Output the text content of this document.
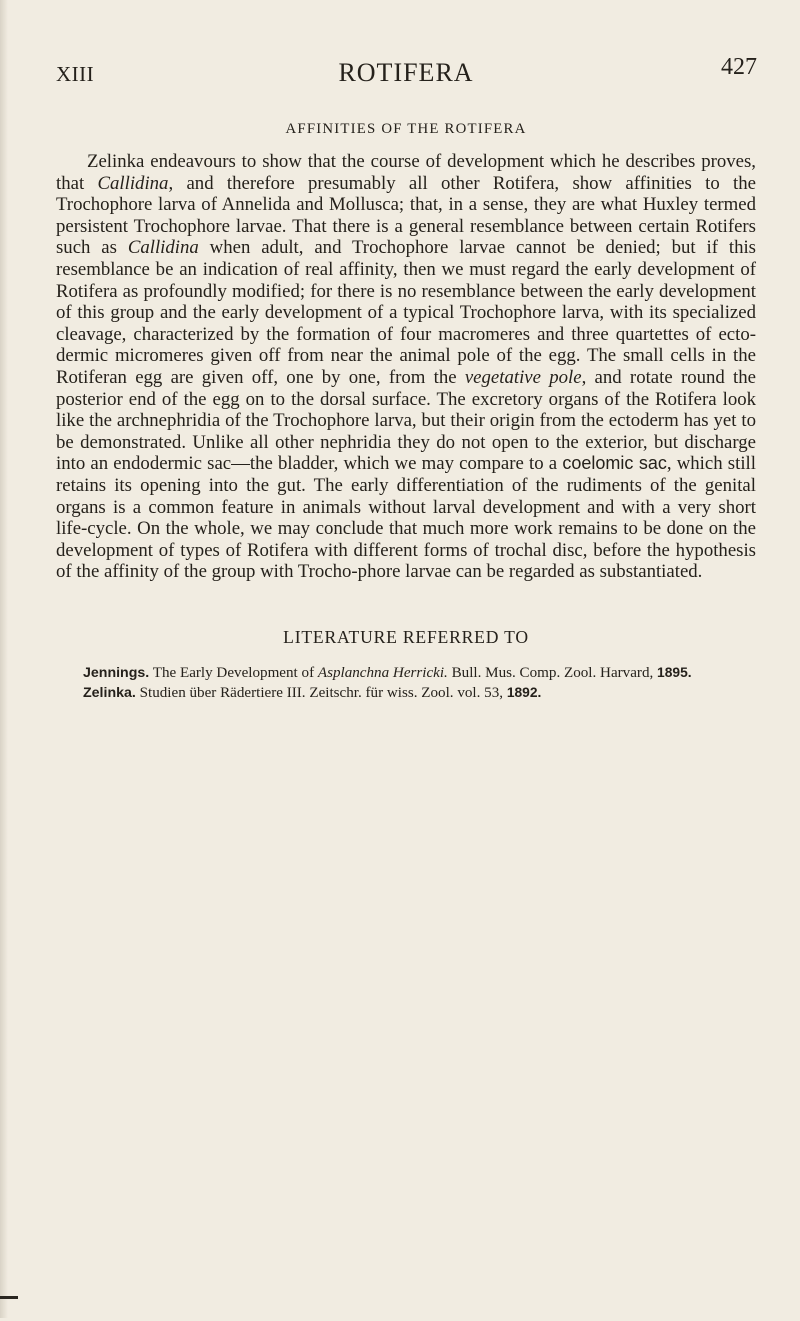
XIII	ROTIFERA	427
AFFINITIES OF THE ROTIFERA

Zelinka endeavours to show that the course of development which he describes proves, that Callidina, and therefore presumably all other Rotifera, show affinities to the Trochophore larva of Annelida and Mollusca; that, in a sense, they are what Huxley termed persistent Trochophore larvae. That there is a general resemblance between certain Rotifers such as Callidina when adult, and Trochophore larvae cannot be denied; but if this resemblance be an indication of real affinity, then we must regard the early development of Rotifera as profoundly modified; for there is no resemblance between the early development of this group and the early development of a typical Trochophore larva, with its specialized cleavage, characterized by the formation of four macromeres and three quartettes of ecto-dermic micromeres given off from near the animal pole of the egg. The small cells in the Rotiferan egg are given off, one by one, from the vegetative pole, and rotate round the posterior end of the egg on to the dorsal surface. The excretory organs of the Rotifera look like the archnephridia of the Trochophore larva, but their origin from the ectoderm has yet to be demonstrated. Unlike all other nephridia they do not open to the exterior, but discharge into an endodermic sac—the bladder, which we may compare to a coelomic sac, which still retains its opening into the gut. The early differentiation of the rudiments of the genital organs is a common feature in animals without larval development and with a very short life-cycle. On the whole, we may conclude that much more work remains to be done on the development of types of Rotifera with different forms of trochal disc, before the hypothesis of the affinity of the group with Trocho-phore larvae can be regarded as substantiated.

LITERATURE REFERRED TO

Jennings. The Early Development of Asplanchna Herricki. Bull. Mus. Comp. Zool. Harvard, 1895.

Zelinka. Studien über Rädertiere III. Zeitschr. für wiss. Zool. vol. 53, 1892.
